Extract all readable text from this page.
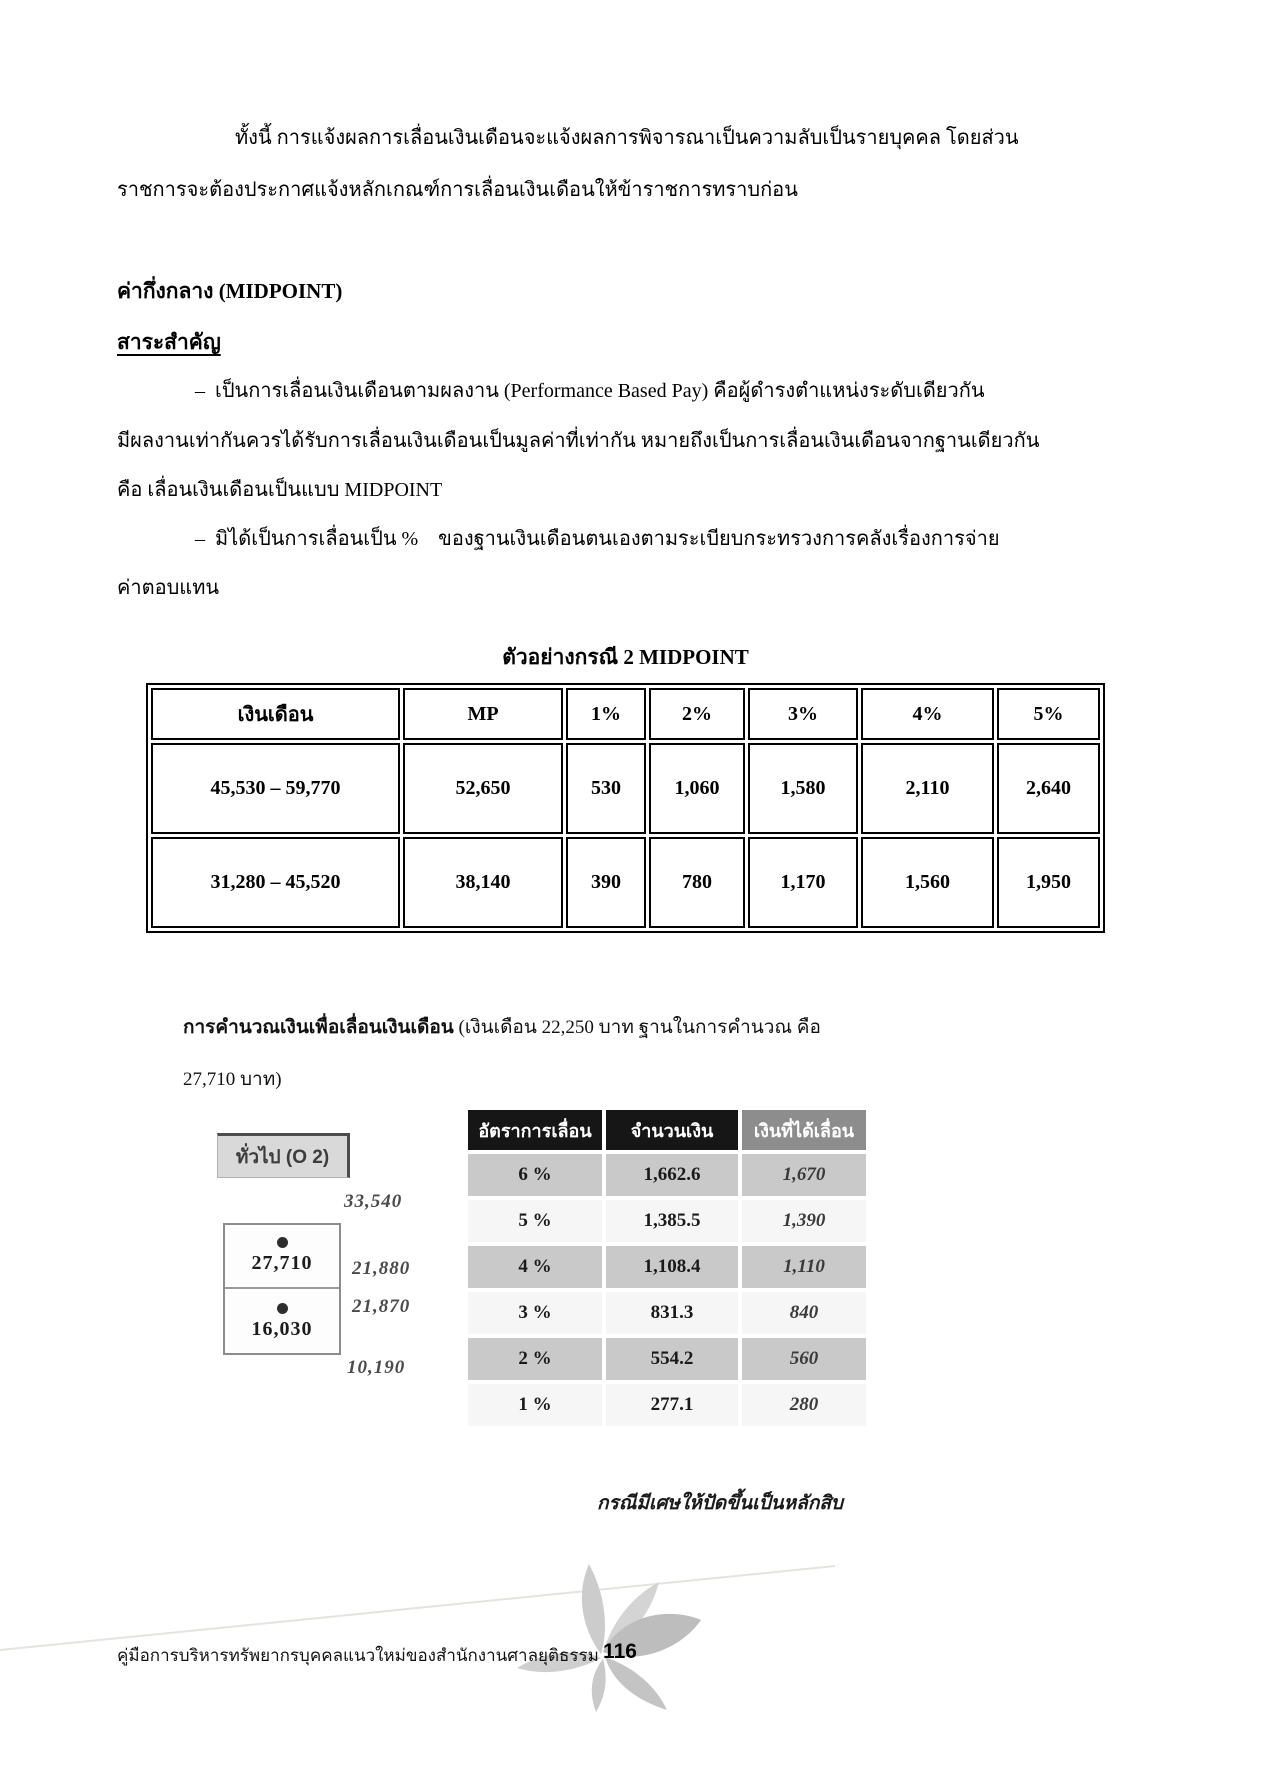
ทั้งนี้ การแจ้งผลการเลื่อนเงินเดือนจะแจ้งผลการพิจารณาเป็นความลับเป็นรายบุคคล โดยส่วน
ราชการจะต้องประกาศแจ้งหลักเกณฑ์การเลื่อนเงินเดือนให้ข้าราชการทราบก่อน
ค่ากึ่งกลาง (MIDPOINT)
สาระสำคัญ
–  เป็นการเลื่อนเงินเดือนตามผลงาน (Performance Based Pay) คือผู้ดำรงตำแหน่งระดับเดียวกัน
มีผลงานเท่ากันควรได้รับการเลื่อนเงินเดือนเป็นมูลค่าที่เท่ากัน หมายถึงเป็นการเลื่อนเงินเดือนจากฐานเดียวกัน
คือ เลื่อนเงินเดือนเป็นแบบ MIDPOINT
–  มิได้เป็นการเลื่อนเป็น %    ของฐานเงินเดือนตนเองตามระเบียบกระทรวงการคลังเรื่องการจ่าย
ค่าตอบแทน
ตัวอย่างกรณี 2 MIDPOINT
เงินเดือน	MP	1%	2%	3%	4%	5%
45,530 – 59,770	52,650	530	1,060	1,580	2,110	2,640
31,280 – 45,520	38,140	390	780	1,170	1,560	1,950
การคำนวณเงินเพื่อเลื่อนเงินเดือน (เงินเดือน 22,250 บาท ฐานในการคำนวณ คือ
27,710 บาท)
ทั่วไป (O 2)
33,540
27,710
16,030
21,880
21,870
10,190
อัตราการเลื่อน	จำนวนเงิน	เงินที่ได้เลื่อน
6 %	1,662.6	1,670
5 %	1,385.5	1,390
4 %	1,108.4	1,110
3 %	831.3	840
2 %	554.2	560
1 %	277.1	280
กรณีมีเศษให้ปัดขึ้นเป็นหลักสิบ
116
คู่มือการบริหารทรัพยากรบุคคลแนวใหม่ของสำนักงานศาลยุติธรรม
